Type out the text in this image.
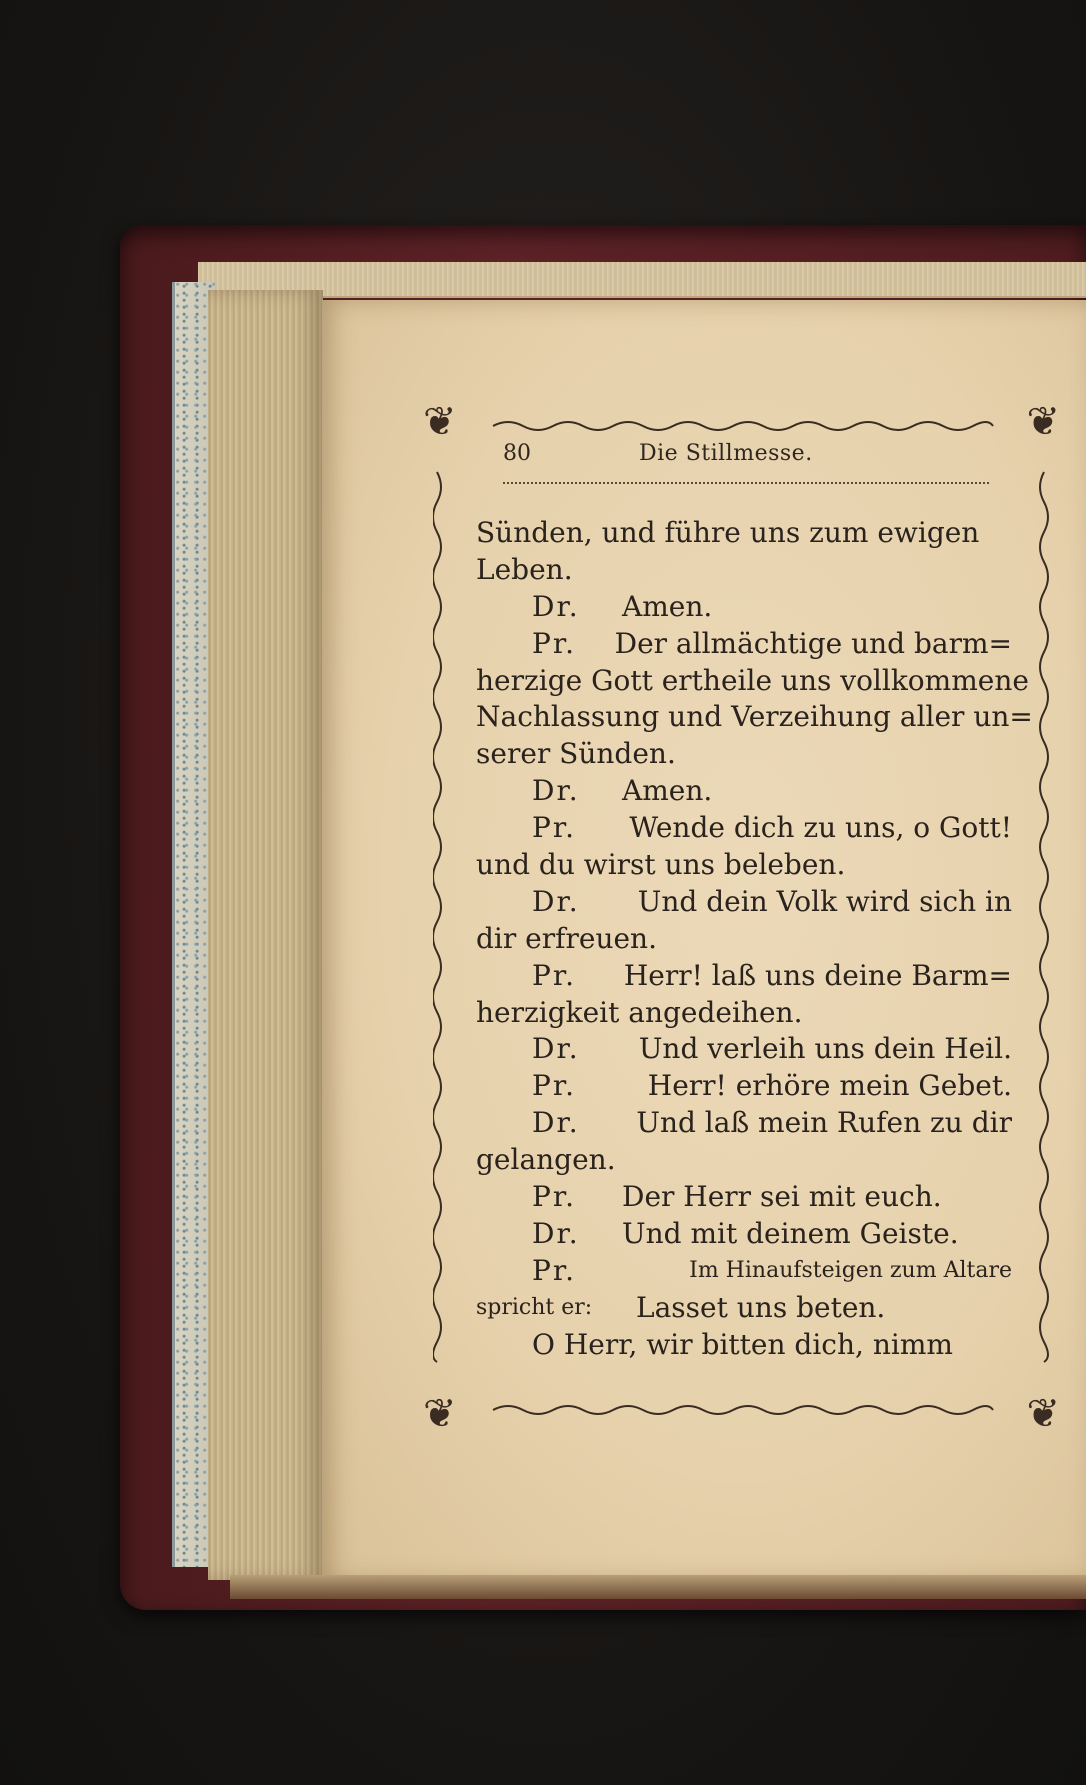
❦	❦
❦	❦
80	Die Stillmesse.
Sünden, und führe uns zum ewigen
Leben.
Dr.	Amen.
Pr.	Der allmächtige und barm=
herzige Gott ertheile uns vollkommene
Nachlassung und Verzeihung aller un=
serer Sünden.
Dr.	Amen.
Pr.	Wende dich zu uns, o Gott!
und du wirst uns beleben.
Dr.	Und dein Volk wird sich in
dir erfreuen.
Pr.	Herr! laß uns deine Barm=
herzigkeit angedeihen.
Dr.	Und verleih uns dein Heil.
Pr.	Herr! erhöre mein Gebet.
Dr.	Und laß mein Rufen zu dir
gelangen.
Pr.	Der Herr sei mit euch.
Dr.	Und mit deinem Geiste.
Pr.	Im Hinaufsteigen zum Altare
spricht er:	Lasset uns beten.
O Herr, wir bitten dich, nimm
